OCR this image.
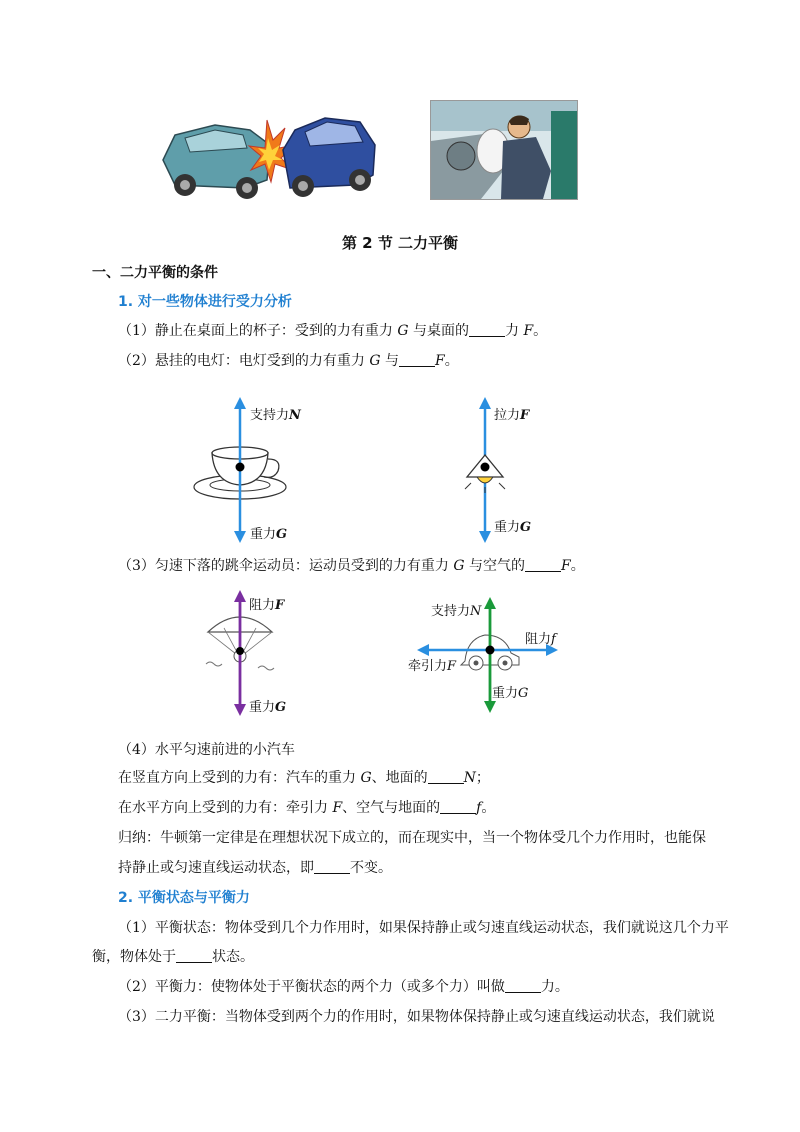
第 2 节 二力平衡
一、二力平衡的条件
1. 对一些物体进行受力分析
（1）静止在桌面上的杯子：受到的力有重力 G 与桌面的	力 F。
（2）悬挂的电灯：电灯受到的力有重力 G 与	F。
支持力N
重力G
拉力F
重力G
（3）匀速下落的跳伞运动员：运动员受到的力有重力 G 与空气的	F。
阻力F
重力G
支持力N
阻力f
牵引力F
重力G
（4）水平匀速前进的小汽车
在竖直方向上受到的力有：汽车的重力 G、地面的	N；
在水平方向上受到的力有：牵引力 F、空气与地面的	f。
归纳：牛顿第一定律是在理想状况下成立的，而在现实中，当一个物体受几个力作用时，也能保
持静止或匀速直线运动状态，即	不变。
2. 平衡状态与平衡力
（1）平衡状态：物体受到几个力作用时，如果保持静止或匀速直线运动状态，我们就说这几个力平
衡，物体处于	状态。
（2）平衡力：使物体处于平衡状态的两个力（或多个力）叫做	力。
（3）二力平衡：当物体受到两个力的作用时，如果物体保持静止或匀速直线运动状态，我们就说
